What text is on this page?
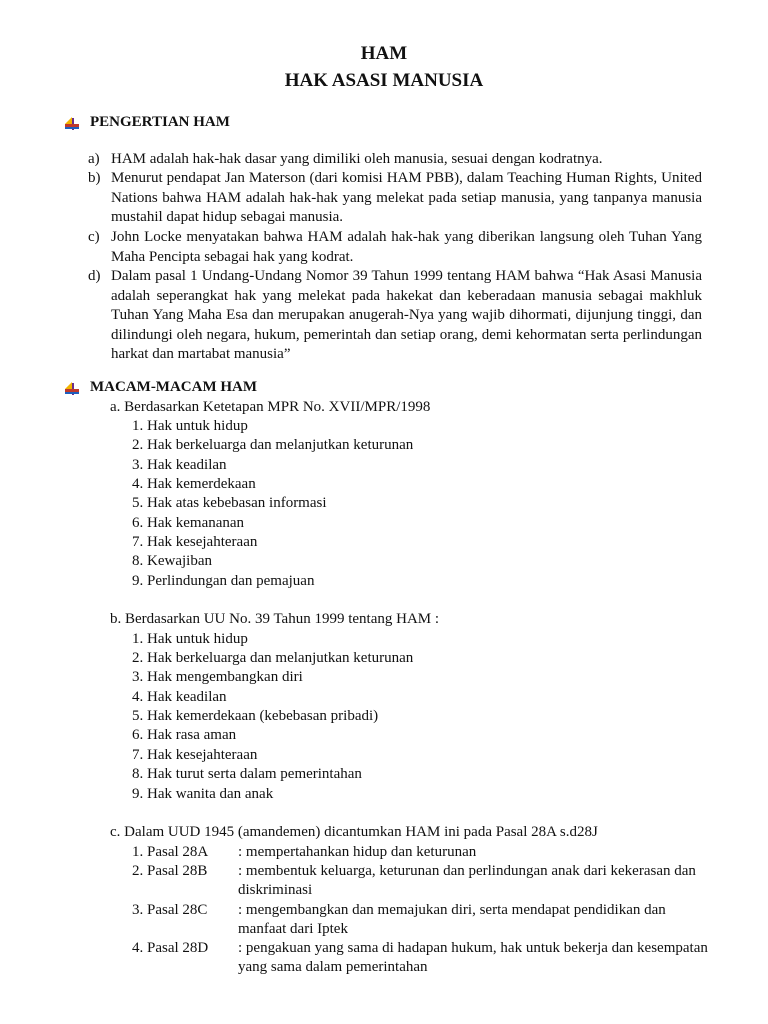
HAM
HAK ASASI MANUSIA
PENGERTIAN HAM
a) HAM adalah hak-hak dasar yang dimiliki oleh manusia, sesuai dengan kodratnya.
b) Menurut pendapat Jan Materson (dari komisi HAM PBB), dalam Teaching Human Rights, United Nations bahwa HAM adalah hak-hak yang melekat pada setiap manusia, yang tanpanya manusia mustahil dapat hidup sebagai manusia.
c) John Locke menyatakan bahwa HAM adalah hak-hak yang diberikan langsung oleh Tuhan Yang Maha Pencipta sebagai hak yang kodrat.
d) Dalam pasal 1 Undang-Undang Nomor 39 Tahun 1999 tentang HAM bahwa “Hak Asasi Manusia adalah seperangkat hak yang melekat pada hakekat dan keberadaan manusia sebagai makhluk Tuhan Yang Maha Esa dan merupakan anugerah-Nya yang wajib dihormati, dijunjung tinggi, dan dilindungi oleh negara, hukum, pemerintah dan setiap orang, demi kehormatan serta perlindungan harkat dan martabat manusia”
MACAM-MACAM HAM
a. Berdasarkan Ketetapan MPR No. XVII/MPR/1998
1. Hak untuk hidup
2. Hak berkeluarga dan melanjutkan keturunan
3. Hak keadilan
4. Hak kemerdekaan
5. Hak atas kebebasan informasi
6. Hak kemananan
7. Hak kesejahteraan
8. Kewajiban
9. Perlindungan dan pemajuan
b. Berdasarkan UU No. 39 Tahun 1999 tentang HAM :
1. Hak untuk hidup
2. Hak berkeluarga dan melanjutkan keturunan
3. Hak mengembangkan diri
4. Hak keadilan
5. Hak kemerdekaan (kebebasan pribadi)
6. Hak rasa aman
7. Hak kesejahteraan
8. Hak turut serta dalam pemerintahan
9. Hak wanita dan anak
c. Dalam UUD 1945 (amandemen) dicantumkan HAM ini pada Pasal 28A s.d28J
1. Pasal 28A : mempertahankan hidup dan keturunan
2. Pasal 28B : membentuk keluarga, keturunan dan perlindungan anak dari kekerasan dan diskriminasi
3. Pasal 28C : mengembangkan dan memajukan diri, serta mendapat pendidikan dan manfaat dari Iptek
4. Pasal 28D : pengakuan yang sama di hadapan hukum, hak untuk bekerja dan kesempatan yang sama dalam pemerintahan
